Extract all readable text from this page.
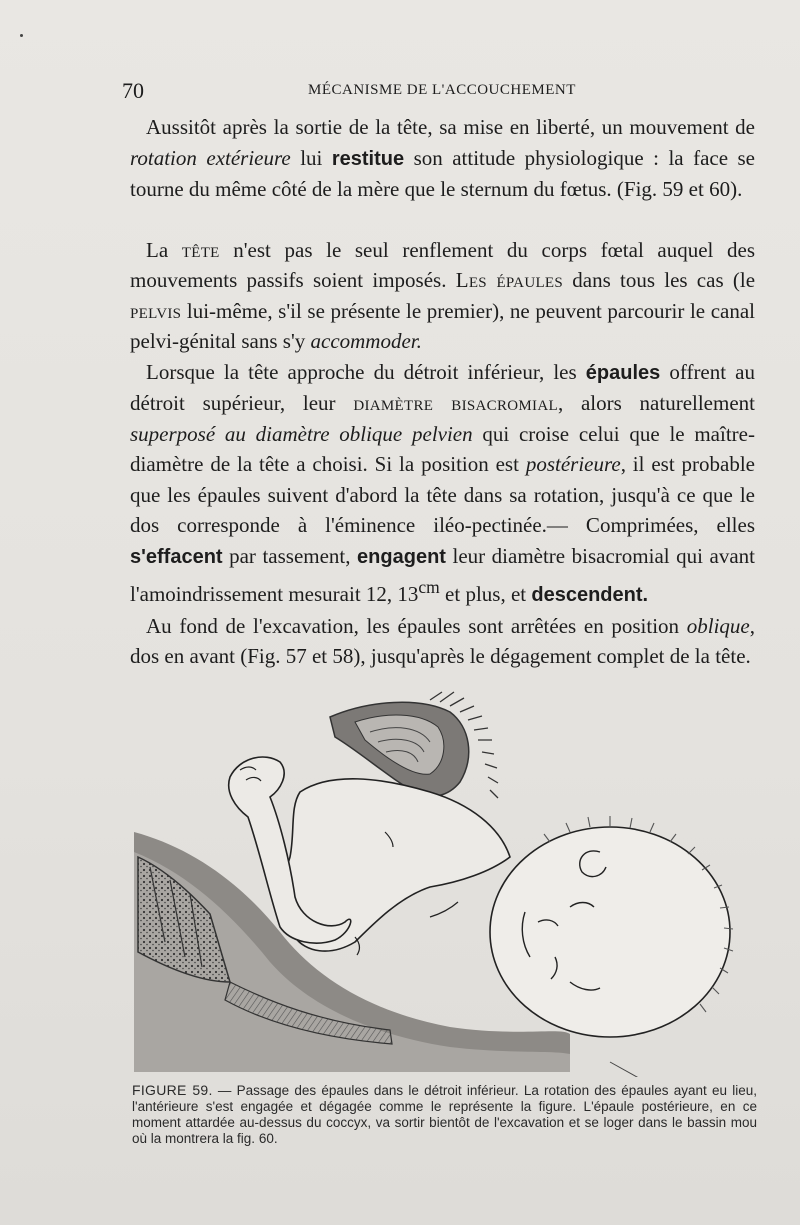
70	MÉCANISME DE L'ACCOUCHEMENT

Aussitôt après la sortie de la tête, sa mise en liberté, un mouvement de rotation extérieure lui restitue son attitude physiologique : la face se tourne du même côté de la mère que le sternum du fœtus. (Fig. 59 et 60).

La tête n'est pas le seul renflement du corps fœtal auquel des mouvements passifs soient imposés. Les épaules dans tous les cas (le pelvis lui-même, s'il se présente le premier), ne peuvent parcourir le canal pelvi-génital sans s'y accommoder.

Lorsque la tête approche du détroit inférieur, les épaules offrent au détroit supérieur, leur diamètre bisacromial, alors naturellement superposé au diamètre oblique pelvien qui croise celui que le maître-diamètre de la tête a choisi. Si la position est postérieure, il est probable que les épaules suivent d'abord la tête dans sa rotation, jusqu'à ce que le dos corresponde à l'éminence iléo-pectinée.— Comprimées, elles s'effacent par tassement, engagent leur diamètre bisacromial qui avant l'amoindrissement mesurait 12, $13^{cm}$ et plus, et descendent.

Au fond de l'excavation, les épaules sont arrêtées en position oblique, dos en avant (Fig. 57 et 58), jusqu'après le dégagement complet de la tête.

FIGURE 59. — Passage des épaules dans le détroit inférieur. La rotation des épaules ayant eu lieu, l'antérieure s'est engagée et dégagée comme le représente la figure. L'épaule postérieure, en ce moment attardée au-dessus du coccyx, va sortir bientôt de l'excavation et se loger dans le bassin mou où la montrera la fig. 60.
